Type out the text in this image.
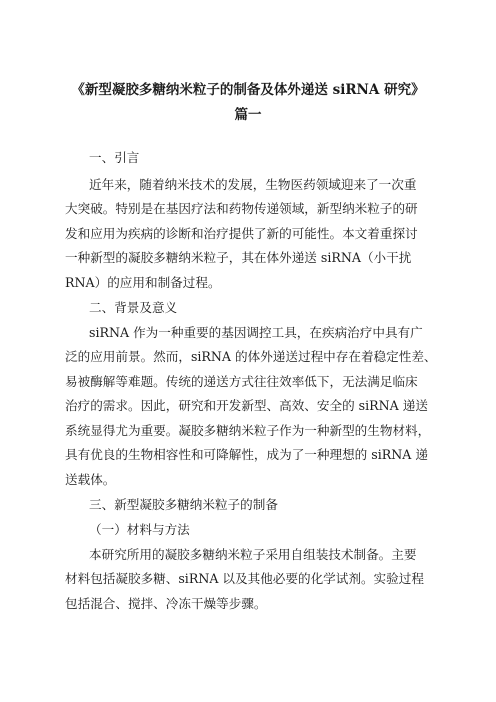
《新型凝胶多糖纳米粒子的制备及体外递送 siRNA 研究》
篇一
一、引言
近年来，随着纳米技术的发展，生物医药领域迎来了一次重
大突破。特别是在基因疗法和药物传递领域，新型纳米粒子的研
发和应用为疾病的诊断和治疗提供了新的可能性。本文着重探讨
一种新型的凝胶多糖纳米粒子，其在体外递送 siRNA（小干扰
RNA）的应用和制备过程。
二、背景及意义
siRNA 作为一种重要的基因调控工具，在疾病治疗中具有广
泛的应用前景。然而，siRNA 的体外递送过程中存在着稳定性差、
易被酶解等难题。传统的递送方式往往效率低下，无法满足临床
治疗的需求。因此，研究和开发新型、高效、安全的 siRNA 递送
系统显得尤为重要。凝胶多糖纳米粒子作为一种新型的生物材料，
具有优良的生物相容性和可降解性，成为了一种理想的 siRNA 递
送载体。
三、新型凝胶多糖纳米粒子的制备
（一）材料与方法
本研究所用的凝胶多糖纳米粒子采用自组装技术制备。主要
材料包括凝胶多糖、siRNA 以及其他必要的化学试剂。实验过程
包括混合、搅拌、冷冻干燥等步骤。
